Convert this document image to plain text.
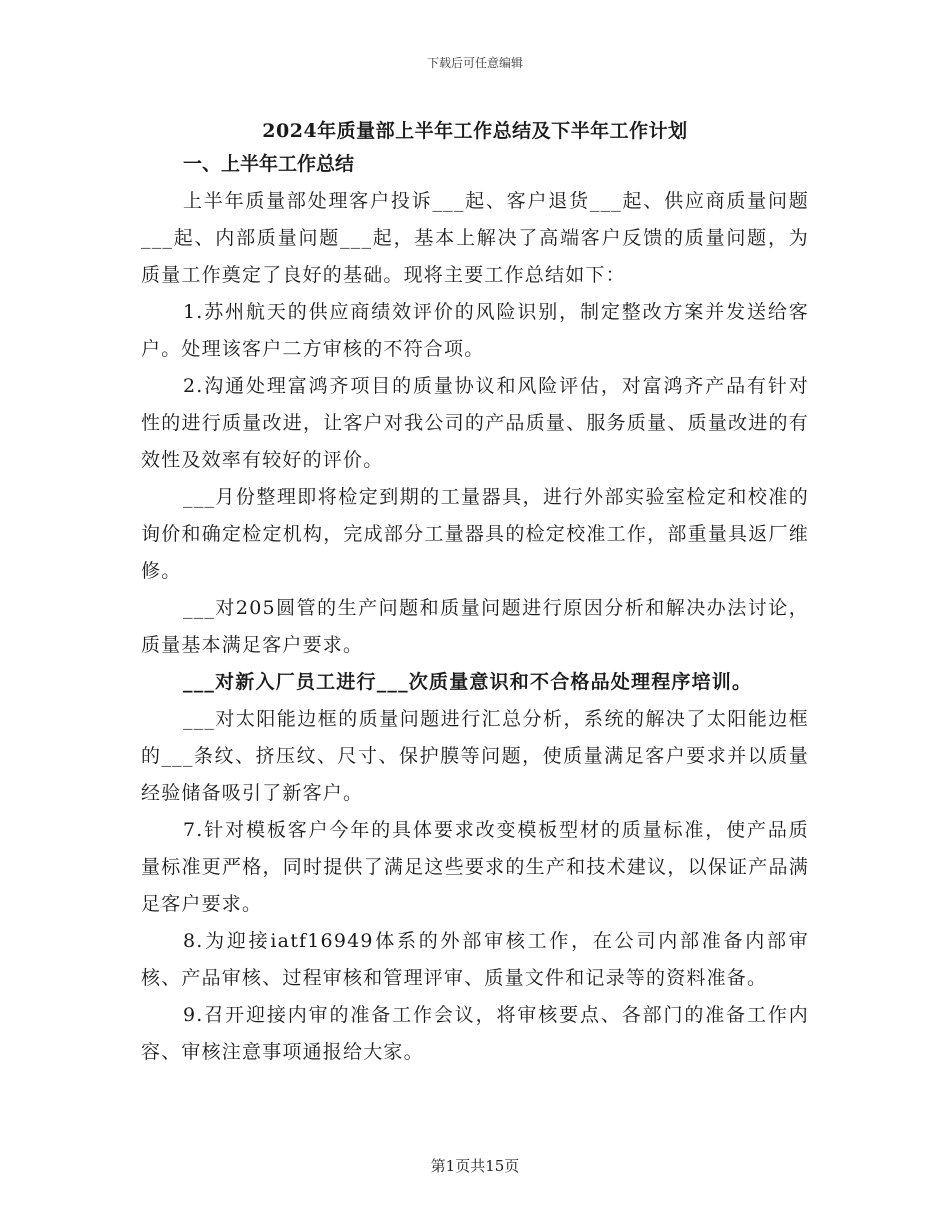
下载后可任意编辑
2024年质量部上半年工作总结及下半年工作计划

一、上半年工作总结

上半年质量部处理客户投诉___起、客户退货___起、供应商质量问题___起、内部质量问题___起，基本上解决了高端客户反馈的质量问题，为质量工作奠定了良好的基础。现将主要工作总结如下：

1.苏州航天的供应商绩效评价的风险识别，制定整改方案并发送给客户。处理该客户二方审核的不符合项。

2.沟通处理富鸿齐项目的质量协议和风险评估，对富鸿齐产品有针对性的进行质量改进，让客户对我公司的产品质量、服务质量、质量改进的有效性及效率有较好的评价。

___月份整理即将检定到期的工量器具，进行外部实验室检定和校准的询价和确定检定机构，完成部分工量器具的检定校准工作，部重量具返厂维修。

___对205圆管的生产问题和质量问题进行原因分析和解决办法讨论，质量基本满足客户要求。

___对新入厂员工进行___次质量意识和不合格品处理程序培训。

___对太阳能边框的质量问题进行汇总分析，系统的解决了太阳能边框的___条纹、挤压纹、尺寸、保护膜等问题，使质量满足客户要求并以质量经验储备吸引了新客户。

7.针对模板客户今年的具体要求改变模板型材的质量标准，使产品质量标准更严格，同时提供了满足这些要求的生产和技术建议，以保证产品满足客户要求。

8.为迎接iatf16949体系的外部审核工作，在公司内部准备内部审核、产品审核、过程审核和管理评审、质量文件和记录等的资料准备。

9.召开迎接内审的准备工作会议，将审核要点、各部门的准备工作内容、审核注意事项通报给大家。

第1页共15页
